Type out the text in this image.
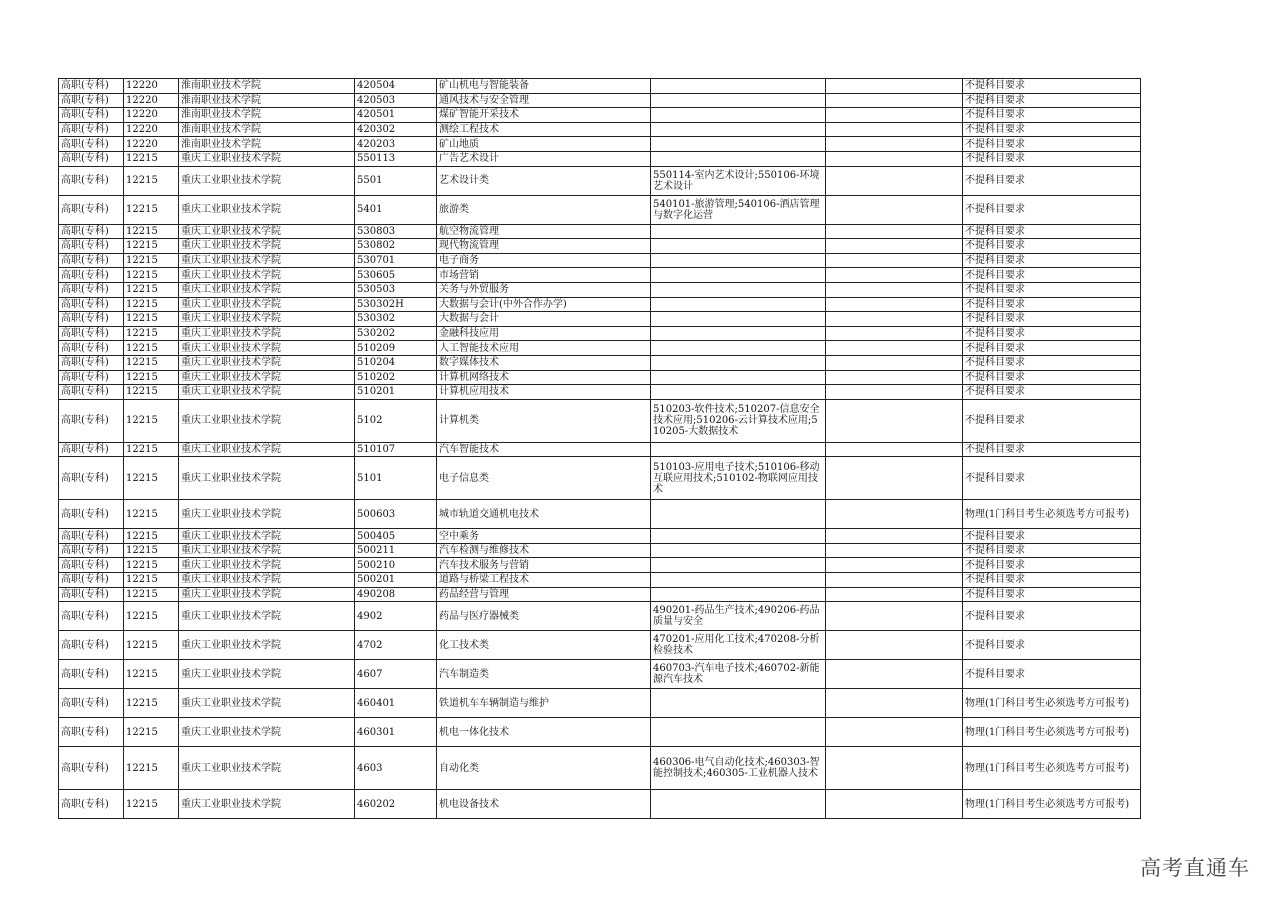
高职(专科)	12220	淮南职业技术学院	420504	矿山机电与智能装备			不提科目要求
高职(专科)	12220	淮南职业技术学院	420503	通风技术与安全管理			不提科目要求
高职(专科)	12220	淮南职业技术学院	420501	煤矿智能开采技术			不提科目要求
高职(专科)	12220	淮南职业技术学院	420302	测绘工程技术			不提科目要求
高职(专科)	12220	淮南职业技术学院	420203	矿山地质			不提科目要求
高职(专科)	12215	重庆工业职业技术学院	550113	广告艺术设计			不提科目要求
高职(专科)	12215	重庆工业职业技术学院	5501	艺术设计类	550114-室内艺术设计;550106-环境艺术设计		不提科目要求
高职(专科)	12215	重庆工业职业技术学院	5401	旅游类	540101-旅游管理;540106-酒店管理与数字化运营		不提科目要求
高职(专科)	12215	重庆工业职业技术学院	530803	航空物流管理			不提科目要求
高职(专科)	12215	重庆工业职业技术学院	530802	现代物流管理			不提科目要求
高职(专科)	12215	重庆工业职业技术学院	530701	电子商务			不提科目要求
高职(专科)	12215	重庆工业职业技术学院	530605	市场营销			不提科目要求
高职(专科)	12215	重庆工业职业技术学院	530503	关务与外贸服务			不提科目要求
高职(专科)	12215	重庆工业职业技术学院	530302H	大数据与会计(中外合作办学)			不提科目要求
高职(专科)	12215	重庆工业职业技术学院	530302	大数据与会计			不提科目要求
高职(专科)	12215	重庆工业职业技术学院	530202	金融科技应用			不提科目要求
高职(专科)	12215	重庆工业职业技术学院	510209	人工智能技术应用			不提科目要求
高职(专科)	12215	重庆工业职业技术学院	510204	数字媒体技术			不提科目要求
高职(专科)	12215	重庆工业职业技术学院	510202	计算机网络技术			不提科目要求
高职(专科)	12215	重庆工业职业技术学院	510201	计算机应用技术			不提科目要求
高职(专科)	12215	重庆工业职业技术学院	5102	计算机类	510203-软件技术;510207-信息安全技术应用;510206-云计算技术应用;510205-大数据技术		不提科目要求
高职(专科)	12215	重庆工业职业技术学院	510107	汽车智能技术			不提科目要求
高职(专科)	12215	重庆工业职业技术学院	5101	电子信息类	510103-应用电子技术;510106-移动互联应用技术;510102-物联网应用技术		不提科目要求
高职(专科)	12215	重庆工业职业技术学院	500603	城市轨道交通机电技术			物理(1门科目考生必须选考方可报考)
高职(专科)	12215	重庆工业职业技术学院	500405	空中乘务			不提科目要求
高职(专科)	12215	重庆工业职业技术学院	500211	汽车检测与维修技术			不提科目要求
高职(专科)	12215	重庆工业职业技术学院	500210	汽车技术服务与营销			不提科目要求
高职(专科)	12215	重庆工业职业技术学院	500201	道路与桥梁工程技术			不提科目要求
高职(专科)	12215	重庆工业职业技术学院	490208	药品经营与管理			不提科目要求
高职(专科)	12215	重庆工业职业技术学院	4902	药品与医疗器械类	490201-药品生产技术;490206-药品质量与安全		不提科目要求
高职(专科)	12215	重庆工业职业技术学院	4702	化工技术类	470201-应用化工技术;470208-分析检验技术		不提科目要求
高职(专科)	12215	重庆工业职业技术学院	4607	汽车制造类	460703-汽车电子技术;460702-新能源汽车技术		不提科目要求
高职(专科)	12215	重庆工业职业技术学院	460401	铁道机车车辆制造与维护			物理(1门科目考生必须选考方可报考)
高职(专科)	12215	重庆工业职业技术学院	460301	机电一体化技术			物理(1门科目考生必须选考方可报考)
高职(专科)	12215	重庆工业职业技术学院	4603	自动化类	460306-电气自动化技术;460303-智能控制技术;460305-工业机器人技术		物理(1门科目考生必须选考方可报考)
高职(专科)	12215	重庆工业职业技术学院	460202	机电设备技术			物理(1门科目考生必须选考方可报考)
高考直通车
